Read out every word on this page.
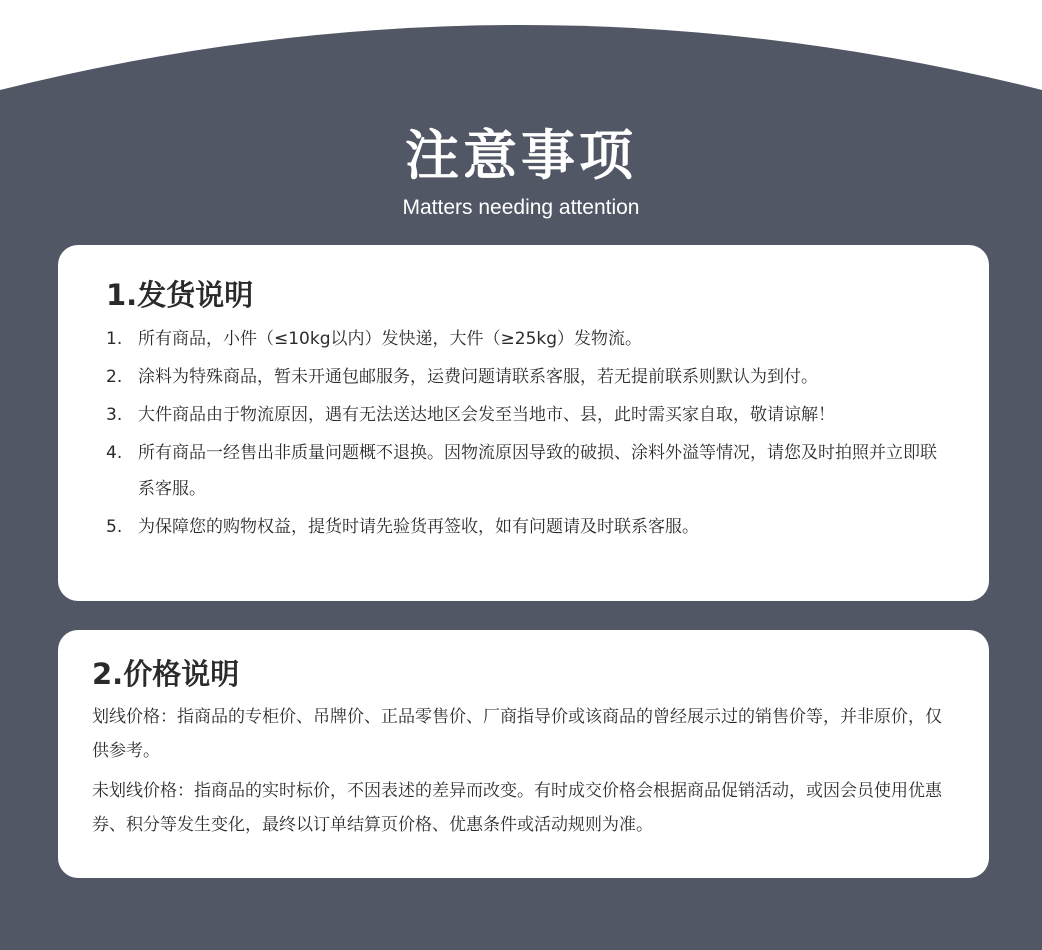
注意事项
Matters needing attention
1.发货说明
1. 所有商品，小件（≤10kg以内）发快递，大件（≥25kg）发物流。
2. 涂料为特殊商品，暂未开通包邮服务，运费问题请联系客服，若无提前联系则默认为到付。
3. 大件商品由于物流原因，遇有无法送达地区会发至当地市、县，此时需买家自取，敬请谅解！
4. 所有商品一经售出非质量问题概不退换。因物流原因导致的破损、涂料外溢等情况，请您及时拍照并立即联系客服。
5. 为保障您的购物权益，提货时请先验货再签收，如有问题请及时联系客服。
2.价格说明

划线价格：指商品的专柜价、吊牌价、正品零售价、厂商指导价或该商品的曾经展示过的销售价等，并非原价，仅供参考。

未划线价格：指商品的实时标价，不因表述的差异而改变。有时成交价格会根据商品促销活动，或因会员使用优惠券、积分等发生变化，最终以订单结算页价格、优惠条件或活动规则为准。
